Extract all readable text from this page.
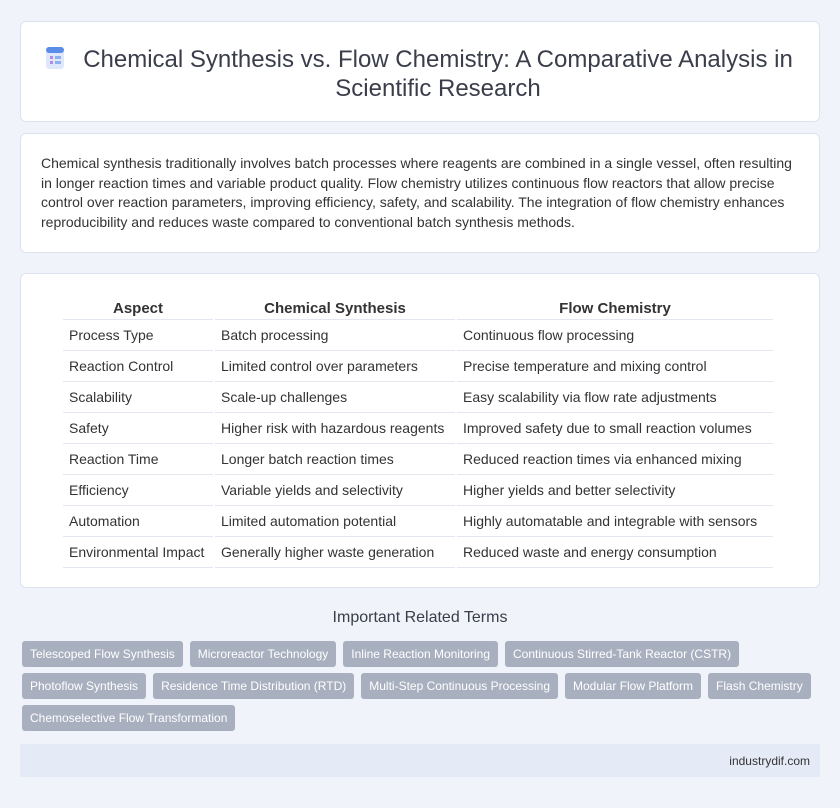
Chemical Synthesis vs. Flow Chemistry: A Comparative Analysis in Scientific Research

Chemical synthesis traditionally involves batch processes where reagents are combined in a single vessel, often resulting in longer reaction times and variable product quality. Flow chemistry utilizes continuous flow reactors that allow precise control over reaction parameters, improving efficiency, safety, and scalability. The integration of flow chemistry enhances reproducibility and reduces waste compared to conventional batch synthesis methods.

Aspect	Chemical Synthesis	Flow Chemistry
Process Type	Batch processing	Continuous flow processing
Reaction Control	Limited control over parameters	Precise temperature and mixing control
Scalability	Scale-up challenges	Easy scalability via flow rate adjustments
Safety	Higher risk with hazardous reagents	Improved safety due to small reaction volumes
Reaction Time	Longer batch reaction times	Reduced reaction times via enhanced mixing
Efficiency	Variable yields and selectivity	Higher yields and better selectivity
Automation	Limited automation potential	Highly automatable and integrable with sensors
Environmental Impact	Generally higher waste generation	Reduced waste and energy consumption
Important Related Terms
Telescoped Flow Synthesis	Microreactor Technology	Inline Reaction Monitoring	Continuous Stirred-Tank Reactor (CSTR)
Photoflow Synthesis	Residence Time Distribution (RTD)	Multi-Step Continuous Processing	Modular Flow Platform	Flash Chemistry
Chemoselective Flow Transformation
industrydif.com
